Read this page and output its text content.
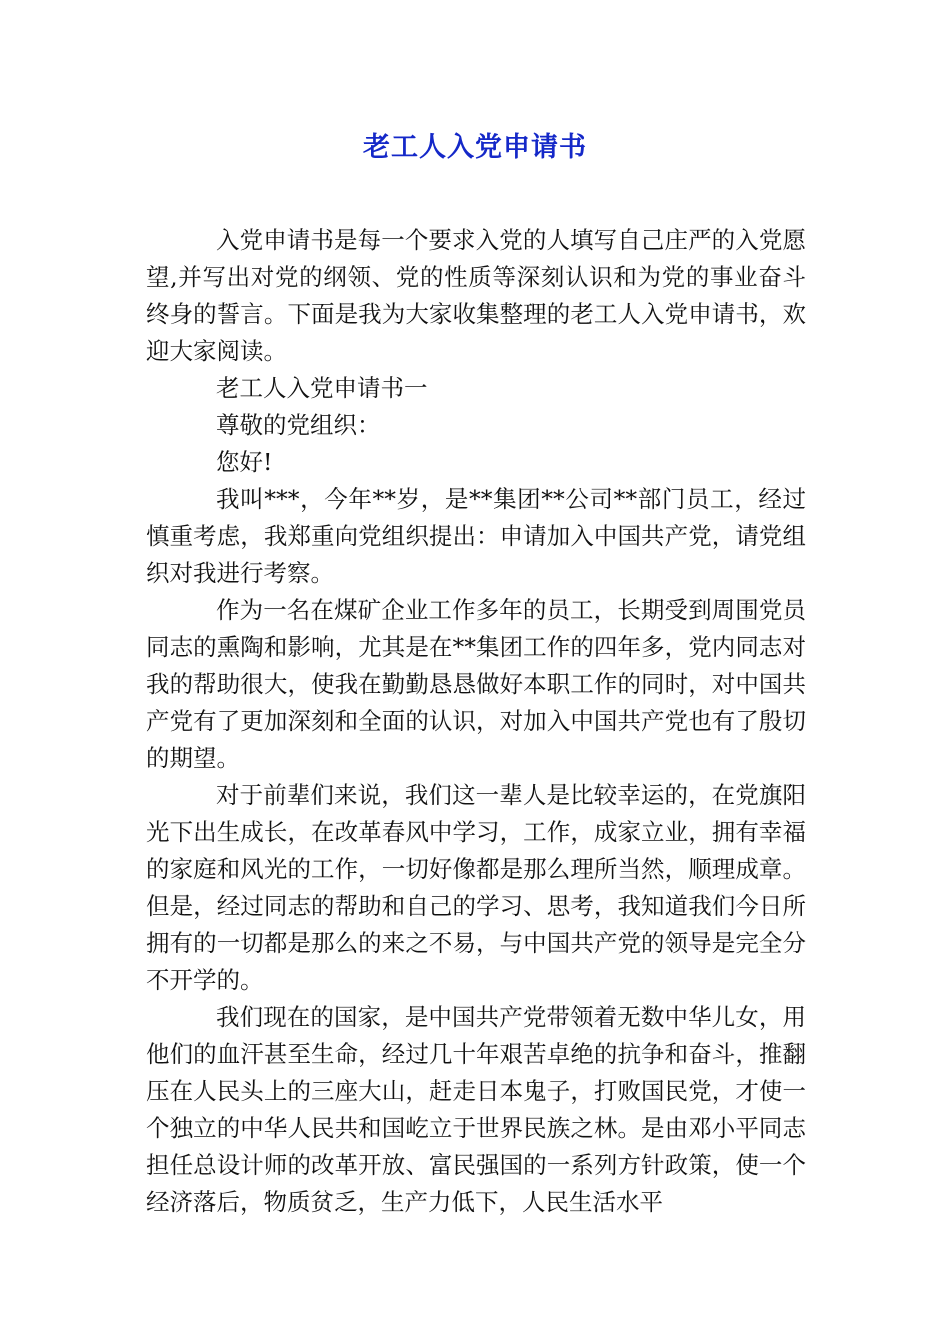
老工人入党申请书

入党申请书是每一个要求入党的人填写自己庄严的入党愿望,并写出对党的纲领、党的性质等深刻认识和为党的事业奋斗终身的誓言。下面是我为大家收集整理的老工人入党申请书，欢迎大家阅读。

老工人入党申请书一

尊敬的党组织：

您好!

我叫***，今年**岁，是**集团**公司**部门员工，经过慎重考虑，我郑重向党组织提出：申请加入中国共产党，请党组织对我进行考察。

作为一名在煤矿企业工作多年的员工，长期受到周围党员同志的熏陶和影响，尤其是在**集团工作的四年多，党内同志对我的帮助很大，使我在勤勤恳恳做好本职工作的同时，对中国共产党有了更加深刻和全面的认识，对加入中国共产党也有了殷切的期望。

对于前辈们来说，我们这一辈人是比较幸运的，在党旗阳光下出生成长，在改革春风中学习，工作，成家立业，拥有幸福的家庭和风光的工作，一切好像都是那么理所当然，顺理成章。但是，经过同志的帮助和自己的学习、思考，我知道我们今日所拥有的一切都是那么的来之不易，与中国共产党的领导是完全分不开学的。

我们现在的国家，是中国共产党带领着无数中华儿女，用他们的血汗甚至生命，经过几十年艰苦卓绝的抗争和奋斗，推翻压在人民头上的三座大山，赶走日本鬼子，打败国民党，才使一个独立的中华人民共和国屹立于世界民族之林。是由邓小平同志担任总设计师的改革开放、富民强国的一系列方针政策，使一个经济落后，物质贫乏，生产力低下，人民生活水平
